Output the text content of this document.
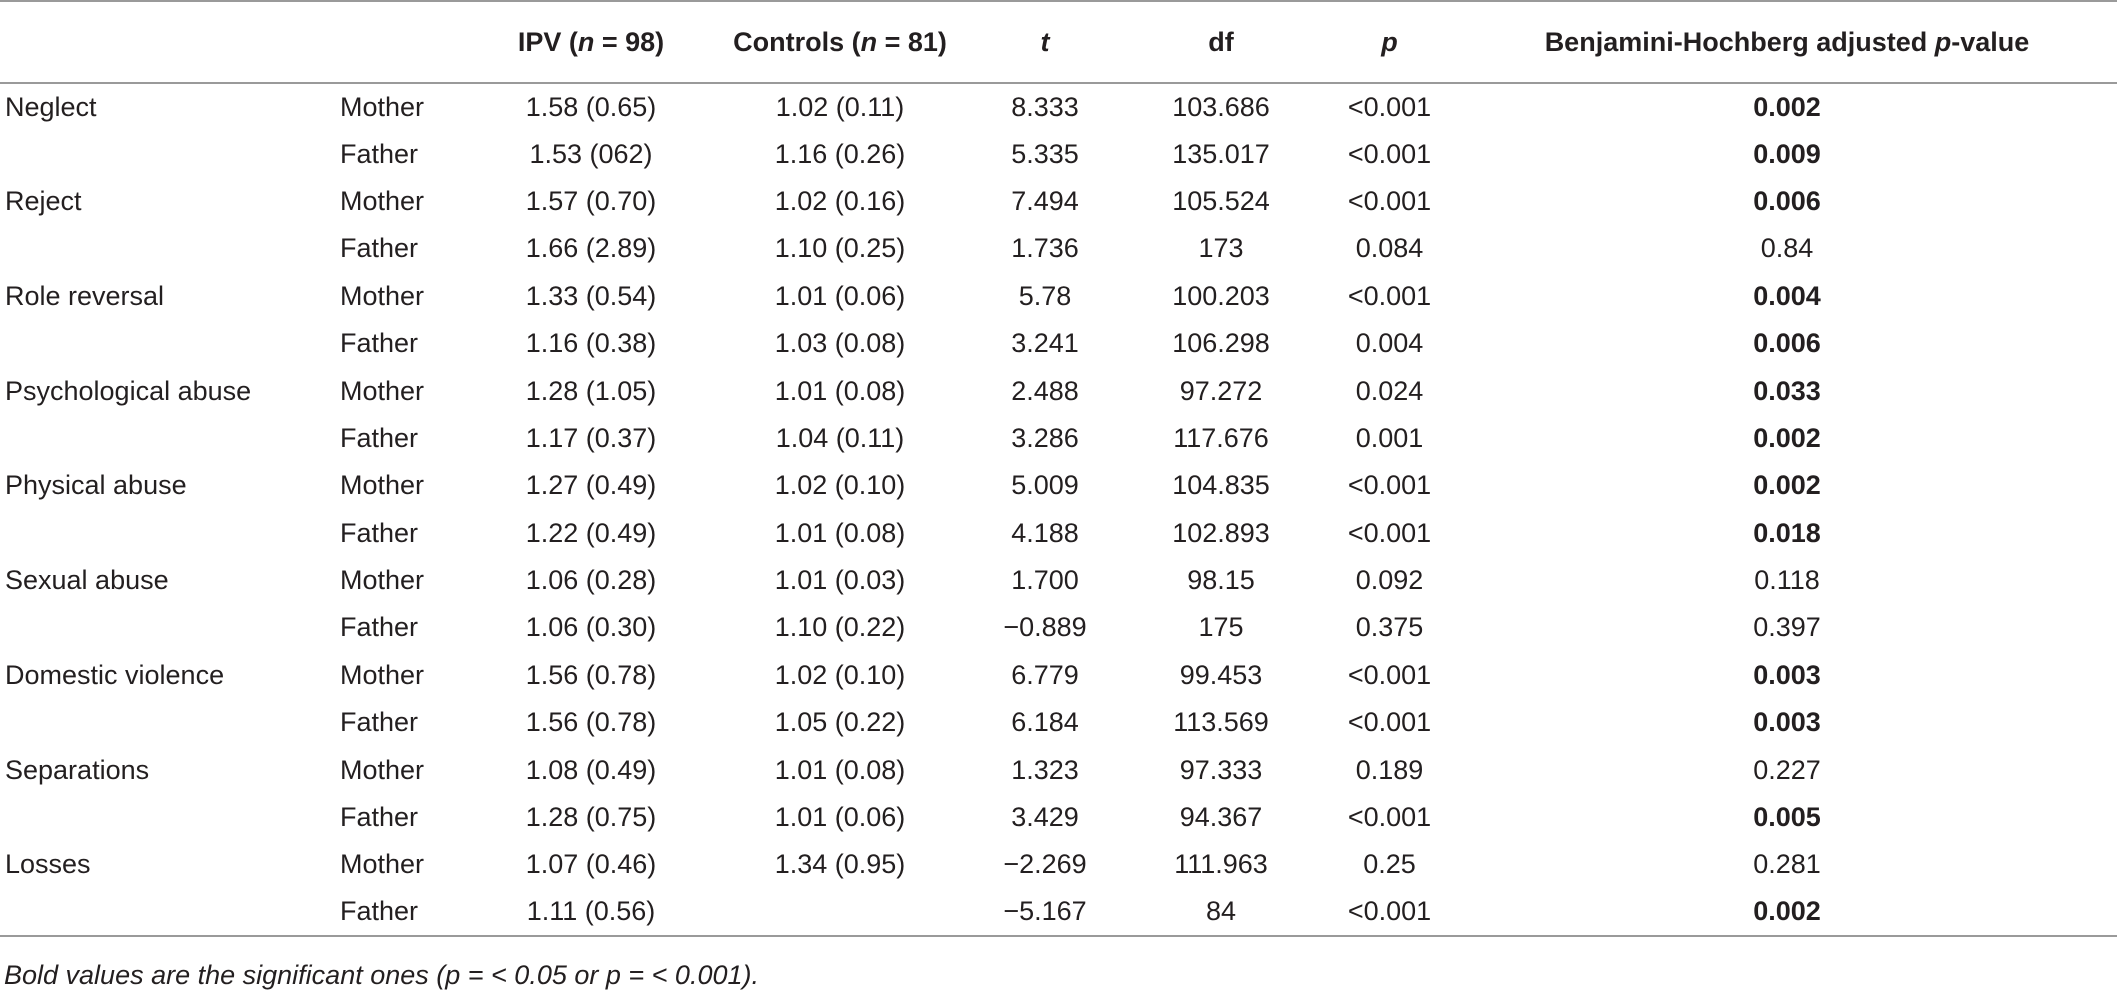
		IPV (n = 98)	Controls (n = 81)	t	df	p	Benjamini-Hochberg adjusted p-value
Neglect	Mother	1.58 (0.65)	1.02 (0.11)	8.333	103.686	<0.001	0.002
	Father	1.53 (062)	1.16 (0.26)	5.335	135.017	<0.001	0.009
Reject	Mother	1.57 (0.70)	1.02 (0.16)	7.494	105.524	<0.001	0.006
	Father	1.66 (2.89)	1.10 (0.25)	1.736	173	0.084	0.84
Role reversal	Mother	1.33 (0.54)	1.01 (0.06)	5.78	100.203	<0.001	0.004
	Father	1.16 (0.38)	1.03 (0.08)	3.241	106.298	0.004	0.006
Psychological abuse	Mother	1.28 (1.05)	1.01 (0.08)	2.488	97.272	0.024	0.033
	Father	1.17 (0.37)	1.04 (0.11)	3.286	117.676	0.001	0.002
Physical abuse	Mother	1.27 (0.49)	1.02 (0.10)	5.009	104.835	<0.001	0.002
	Father	1.22 (0.49)	1.01 (0.08)	4.188	102.893	<0.001	0.018
Sexual abuse	Mother	1.06 (0.28)	1.01 (0.03)	1.700	98.15	0.092	0.118
	Father	1.06 (0.30)	1.10 (0.22)	−0.889	175	0.375	0.397
Domestic violence	Mother	1.56 (0.78)	1.02 (0.10)	6.779	99.453	<0.001	0.003
	Father	1.56 (0.78)	1.05 (0.22)	6.184	113.569	<0.001	0.003
Separations	Mother	1.08 (0.49)	1.01 (0.08)	1.323	97.333	0.189	0.227
	Father	1.28 (0.75)	1.01 (0.06)	3.429	94.367	<0.001	0.005
Losses	Mother	1.07 (0.46)	1.34 (0.95)	−2.269	111.963	0.25	0.281
	Father	1.11 (0.56)		−5.167	84	<0.001	0.002
Bold values are the significant ones (p = < 0.05 or p = < 0.001).
